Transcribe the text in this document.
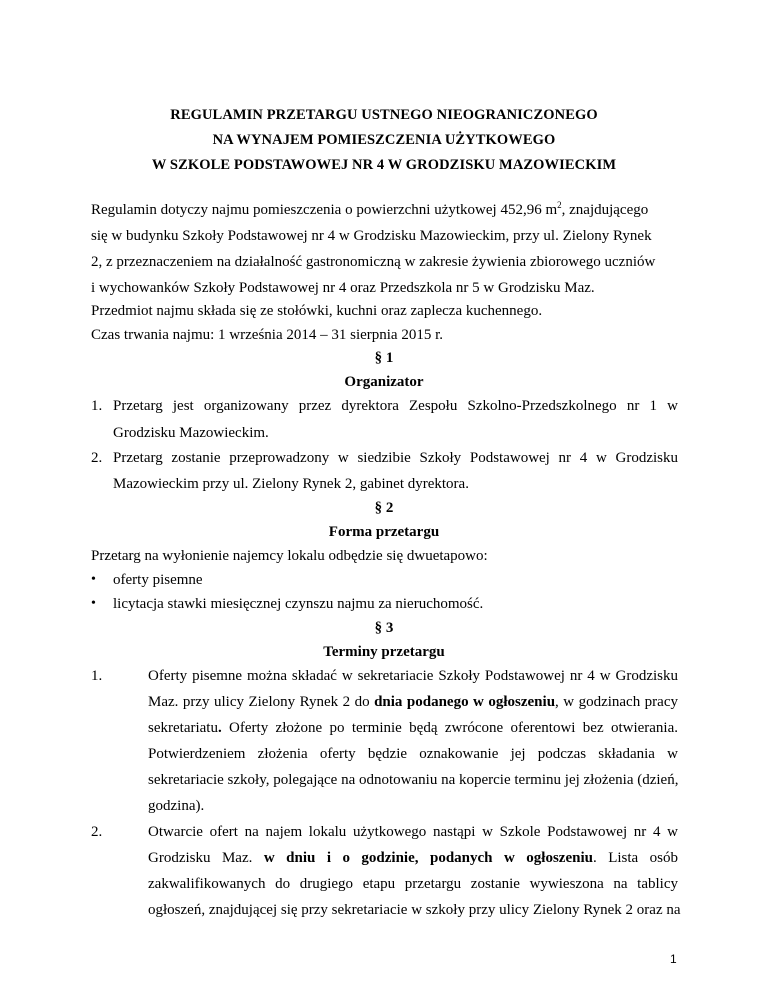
REGULAMIN PRZETARGU USTNEGO NIEOGRANICZONEGO
NA WYNAJEM POMIESZCZENIA UŻYTKOWEGO
W SZKOLE PODSTAWOWEJ NR 4 W GRODZISKU MAZOWIECKIM
Regulamin dotyczy najmu pomieszczenia o powierzchni użytkowej 452,96 $m^2$, znajdującego
się w budynku Szkoły Podstawowej nr 4 w Grodzisku Mazowieckim, przy ul. Zielony Rynek
2, z przeznaczeniem na działalność gastronomiczną w zakresie żywienia zbiorowego uczniów
i wychowanków Szkoły Podstawowej nr 4 oraz Przedszkola nr 5 w Grodzisku Maz.
Przedmiot najmu składa się ze stołówki, kuchni oraz zaplecza kuchennego.
Czas trwania najmu: 1 września 2014 – 31 sierpnia 2015 r.
§ 1
Organizator
1. Przetarg jest organizowany przez dyrektora Zespołu Szkolno-Przedszkolnego nr 1 w
Grodzisku Mazowieckim.
2. Przetarg zostanie przeprowadzony w siedzibie Szkoły Podstawowej nr 4 w Grodzisku
Mazowieckim przy ul. Zielony Rynek 2, gabinet dyrektora.
§ 2
Forma przetargu
Przetarg na wyłonienie najemcy lokalu odbędzie się dwuetapowo:
• oferty pisemne
• licytacja stawki miesięcznej czynszu najmu za nieruchomość.
§ 3
Terminy przetargu
1.	Oferty pisemne można składać w sekretariacie Szkoły Podstawowej nr 4 w Grodzisku
Maz. przy ulicy Zielony Rynek 2 do dnia podanego w ogłoszeniu, w godzinach pracy
sekretariatu. Oferty złożone po terminie będą zwrócone oferentowi bez otwierania.
Potwierdzeniem złożenia oferty będzie oznakowanie jej podczas składania w
sekretariacie szkoły, polegające na odnotowaniu na kopercie terminu jej złożenia (dzień,
godzina).
2.	Otwarcie ofert na najem lokalu użytkowego nastąpi w Szkole Podstawowej nr 4 w
Grodzisku Maz. w dniu i o godzinie, podanych w ogłoszeniu. Lista osób
zakwalifikowanych do drugiego etapu przetargu zostanie wywieszona na tablicy
ogłoszeń, znajdującej się przy sekretariacie w szkoły przy ulicy Zielony Rynek 2 oraz na
1
